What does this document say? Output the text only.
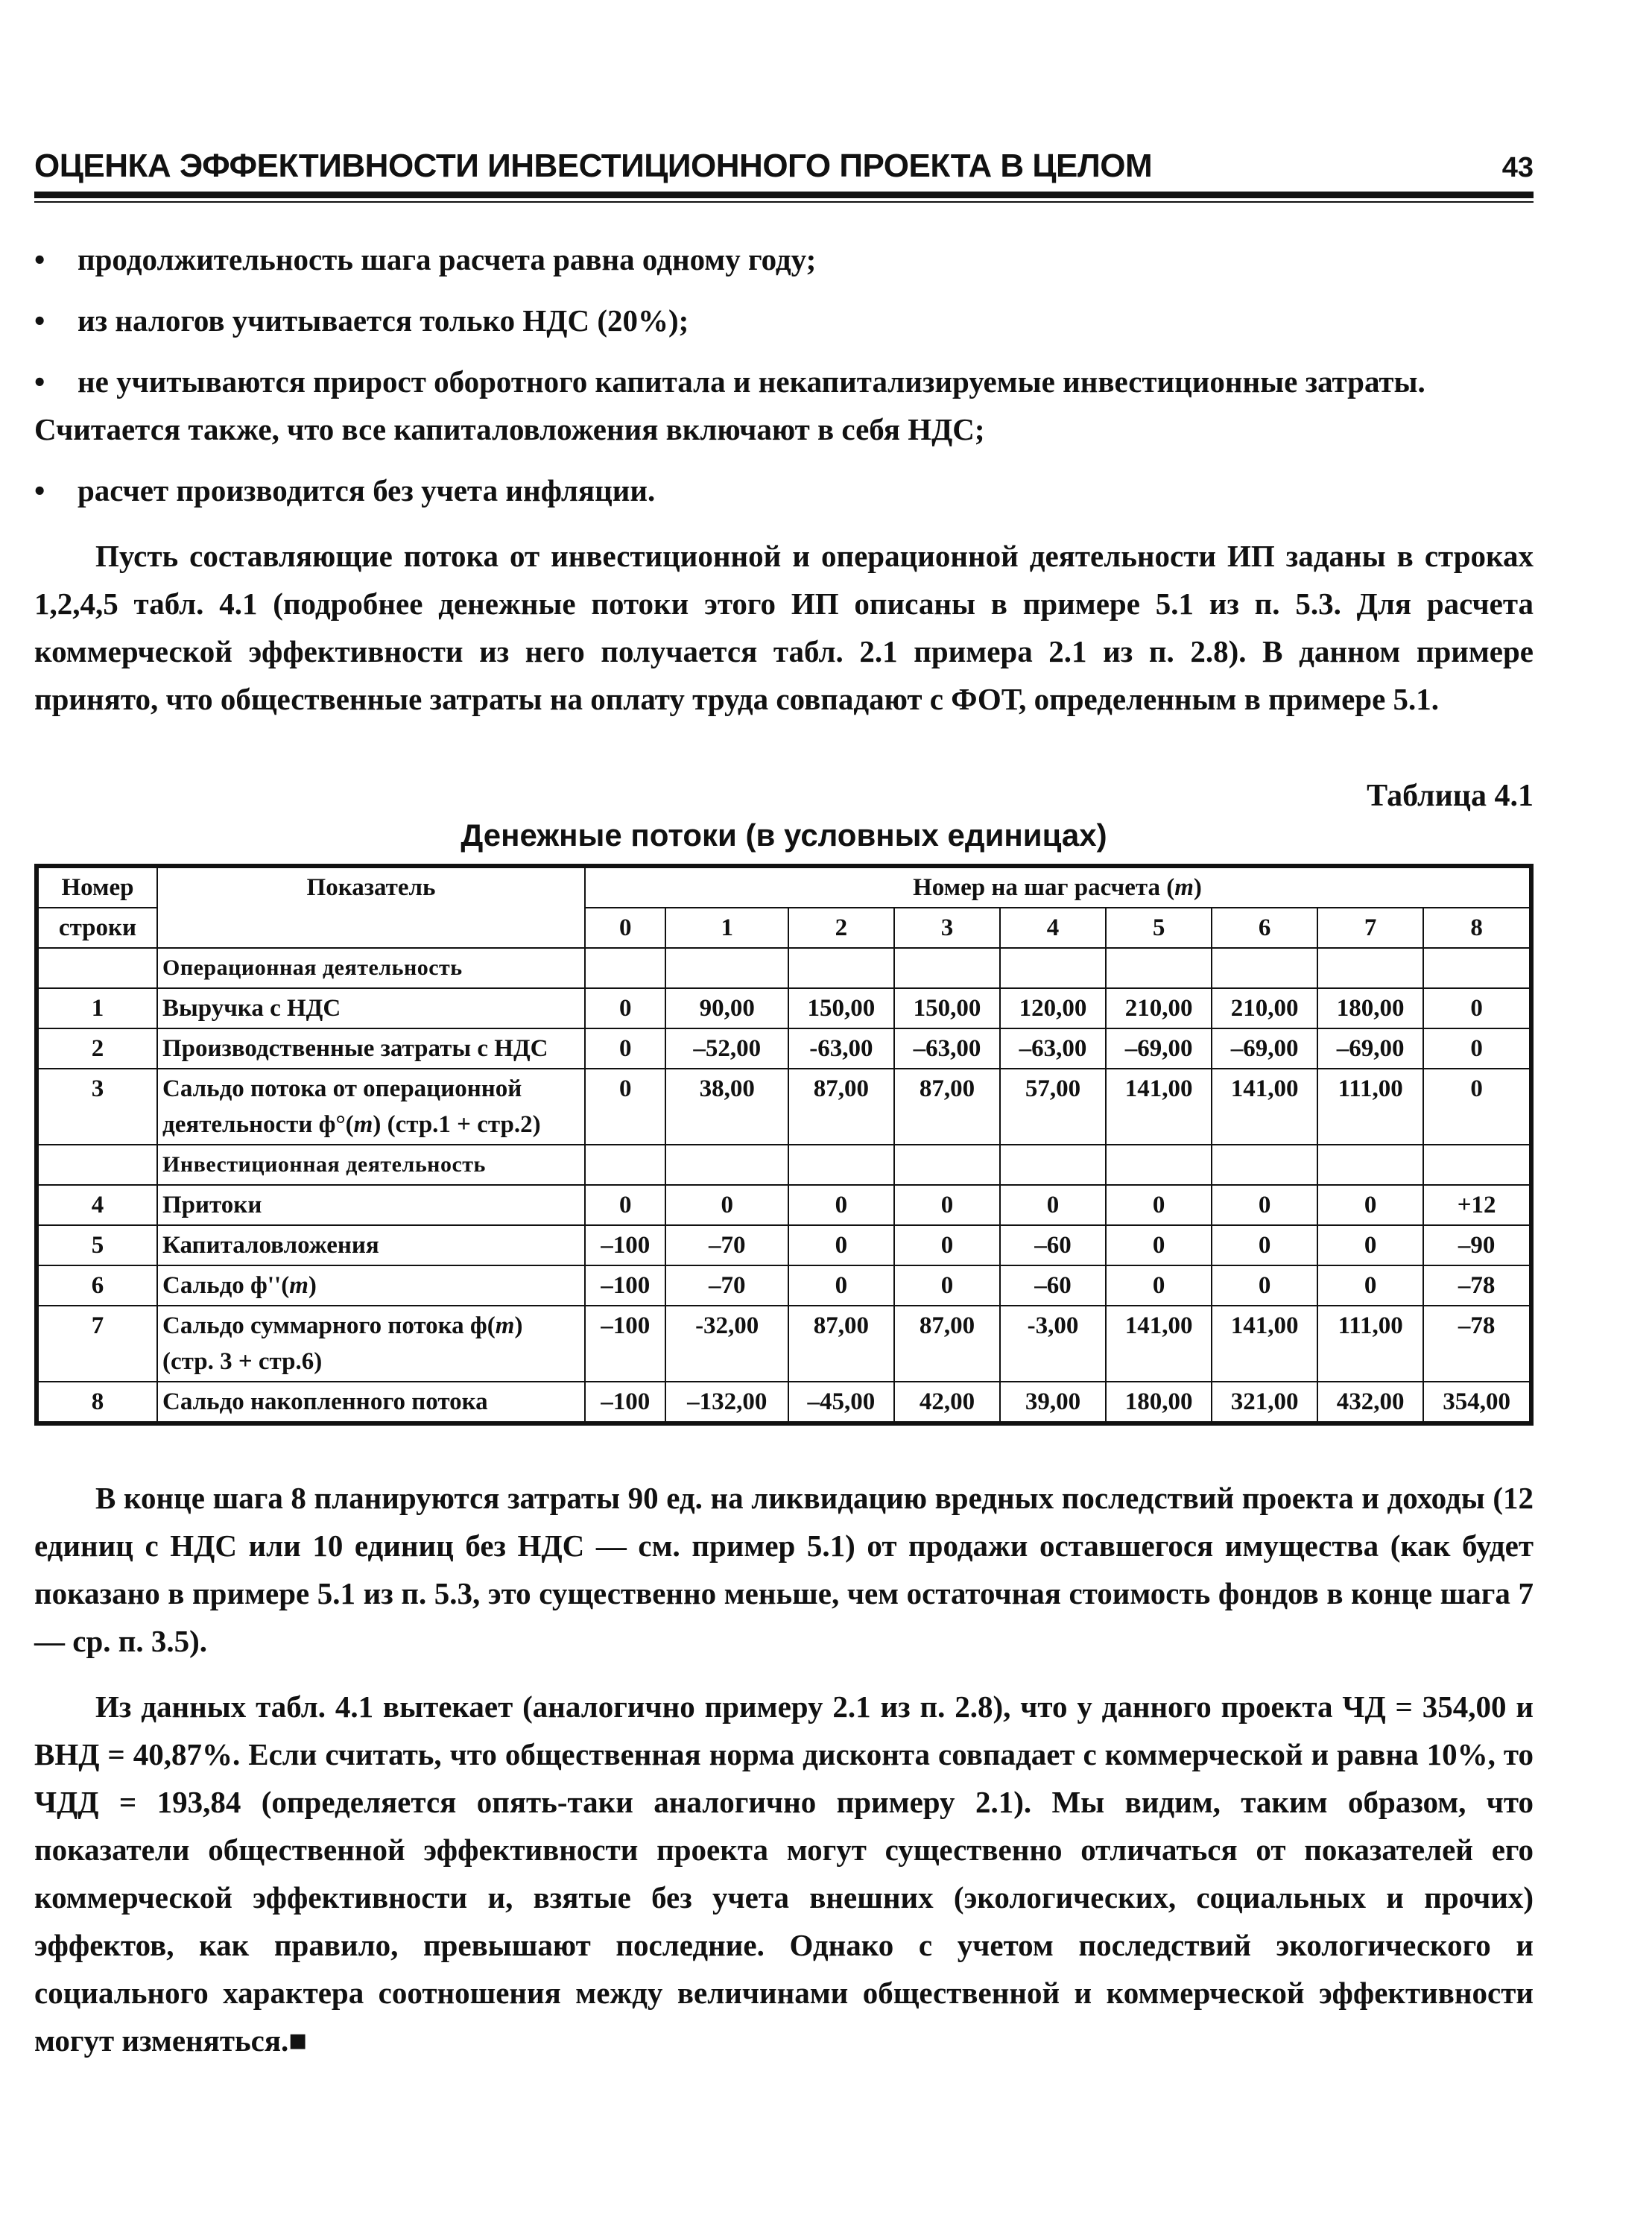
ОЦЕНКА ЭФФЕКТИВНОСТИ ИНВЕСТИЦИОННОГО ПРОЕКТА В ЦЕЛОМ	43

• продолжительность шага расчета равна одному году;

• из налогов учитывается только НДС (20%);

• не учитываются прирост оборотного капитала и некапитализируемые инвестиционные затраты.
Считается также, что все капиталовложения включают в себя НДС;

• расчет производится без учета инфляции.

Пусть составляющие потока от инвестиционной и операционной деятельности ИП заданы в строках 1,2,4,5 табл. 4.1 (подробнее денежные потоки этого ИП описаны в примере 5.1 из п. 5.3. Для расчета коммерческой эффективности из него получается табл. 2.1 примера 2.1 из п. 2.8). В данном примере принято, что общественные затраты на оплату труда совпадают с ФОТ, определенным в примере 5.1.

Таблица 4.1
Денежные потоки (в условных единицах)
Номер	Показатель	Номер на шаг расчета (m)								
строки		0	1	2	3	4	5	6	7	8
	Операционная деятельность									
1	Выручка с НДС	0	90,00	150,00	150,00	120,00	210,00	210,00	180,00	0
2	Производственные затраты с НДС	0	–52,00	-63,00	–63,00	–63,00	–69,00	–69,00	–69,00	0
3	Сальдо потока от операционной деятельности ф°(m) (стр.1 + стр.2)	0	38,00	87,00	87,00	57,00	141,00	141,00	111,00	0
	Инвестиционная деятельность									
4	Притоки	0	0	0	0	0	0	0	0	+12
5	Капиталовложения	–100	–70	0	0	–60	0	0	0	–90
6	Сальдо ф''(m)	–100	–70	0	0	–60	0	0	0	–78
7	Сальдо суммарного потока ф(m) (стр. 3 + стр.6)	–100	-32,00	87,00	87,00	-3,00	141,00	141,00	111,00	–78
8	Сальдо накопленного потока	–100	–132,00	–45,00	42,00	39,00	180,00	321,00	432,00	354,00

В конце шага 8 планируются затраты 90 ед. на ликвидацию вредных последствий проекта и доходы (12 единиц с НДС или 10 единиц без НДС — см. пример 5.1) от продажи оставшегося имущества (как будет показано в примере 5.1 из п. 5.3, это существенно меньше, чем остаточная стоимость фондов в конце шага 7 — ср. п. 3.5).

Из данных табл. 4.1 вытекает (аналогично примеру 2.1 из п. 2.8), что у данного проекта ЧД = 354,00 и ВНД = 40,87%. Если считать, что общественная норма дисконта совпадает с коммерческой и равна 10%, то ЧДД = 193,84 (определяется опять-таки аналогично примеру 2.1). Мы видим, таким образом, что показатели общественной эффективности проекта могут существенно отличаться от показателей его коммерческой эффективности и, взятые без учета внешних (экологических, социальных и прочих) эффектов, как правило, превышают последние. Однако с учетом последствий экологического и социального характера соотношения между величинами общественной и коммерческой эффективности могут изменяться.■
